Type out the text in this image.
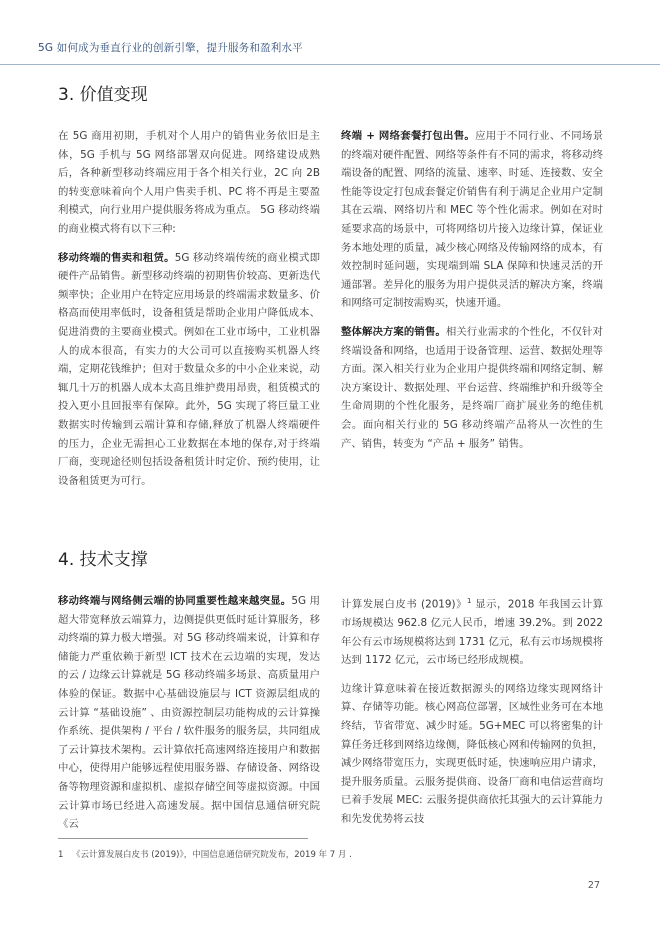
5G 如何成为垂直行业的创新引擎，提升服务和盈利水平
3. 价值变现

在 5G 商用初期，手机对个人用户的销售业务依旧是主体，5G 手机与 5G 网络部署双向促进。网络建设成熟后，各种新型移动终端应用于各个相关行业，2C 向 2B 的转变意味着向个人用户售卖手机、PC 将不再是主要盈利模式，向行业用户提供服务将成为重点。 5G 移动终端的商业模式将有以下三种:

移动终端的售卖和租赁。5G 移动终端传统的商业模式即硬件产品销售。新型移动终端的初期售价较高、更新迭代频率快；企业用户在特定应用场景的终端需求数量多、价格高而使用率低时，设备租赁是帮助企业用户降低成本、促进消费的主要商业模式。例如在工业市场中，工业机器人的成本很高，有实力的大公司可以直接购买机器人终端，定期花钱维护；但对于数量众多的中小企业来说，动辄几十万的机器人成本太高且维护费用昂贵，租赁模式的投入更小且回报率有保障。此外，5G 实现了将巨量工业数据实时传输到云端计算和存储,释放了机器人终端硬件的压力，企业无需担心工业数据在本地的保存,对于终端厂商，变现途径则包括设备租赁计时定价、预约使用，让设备租赁更为可行。

终端 + 网络套餐打包出售。应用于不同行业、不同场景的终端对硬件配置、网络等条件有不同的需求，将移动终端设备的配置、网络的流量、速率、时延、连接数、安全性能等设定打包成套餐定价销售有利于满足企业用户定制其在云端、网络切片和 MEC 等个性化需求。例如在对时延要求高的场景中，可将网络切片接入边缘计算，保证业务本地处理的质量，减少核心网络及传输网络的成本，有效控制时延问题，实现端到端 SLA 保障和快速灵活的开通部署。差异化的服务为用户提供灵活的解决方案，终端和网络可定制按需购买，快速开通。

整体解决方案的销售。相关行业需求的个性化，不仅针对终端设备和网络，也适用于设备管理、运营、数据处理等方面。深入相关行业为企业用户提供终端和网络定制、解决方案设计、数据处理、平台运营、终端维护和升级等全生命周期的个性化服务，是终端厂商扩展业务的绝佳机会。面向相关行业的 5G 移动终端产品将从一次性的生产、销售，转变为 “产品 + 服务” 销售。

4. 技术支撑

移动终端与网络侧云端的协同重要性越来越突显。5G 用超大带宽释放云端算力，边侧提供更低时延计算服务，移动终端的算力极大增强。对 5G 移动终端来说，计算和存储能力严重依赖于新型 ICT 技术在云边端的实现，发达的云 / 边缘云计算就是 5G 移动终端多场景、高质量用户体验的保证。数据中心基础设施层与 ICT 资源层组成的云计算 “基础设施” 、由资源控制层功能构成的云计算操作系统、提供架构 / 平台 / 软件服务的服务层，共同组成了云计算技术架构。云计算依托高速网络连接用户和数据中心，使得用户能够远程使用服务器、存储设备、网络设备等物理资源和虚拟机、虚拟存储空间等虚拟资源。中国云计算市场已经进入高速发展。据中国信息通信研究院《云

计算发展白皮书 (2019)》$^1$ 显示，2018 年我国云计算市场规模达 962.8 亿元人民币，增速 39.2%。到 2022 年公有云市场规模将达到 1731 亿元，私有云市场规模将达到 1172 亿元，云市场已经形成规模。

边缘计算意味着在接近数据源头的网络边缘实现网络计算、存储等功能。核心网高位部署，区域性业务可在本地终结，节省带宽、减少时延。5G+MEC 可以将密集的计算任务迁移到网络边缘侧，降低核心网和传输网的负担，减少网络带宽压力，实现更低时延，快速响应用户请求，提升服务质量。云服务提供商、设备厂商和电信运营商均已着手发展 MEC: 云服务提供商依托其强大的云计算能力和先发优势将云技

1 《云计算发展白皮书 (2019)》，中国信息通信研究院发布，2019 年 7 月 .
27
